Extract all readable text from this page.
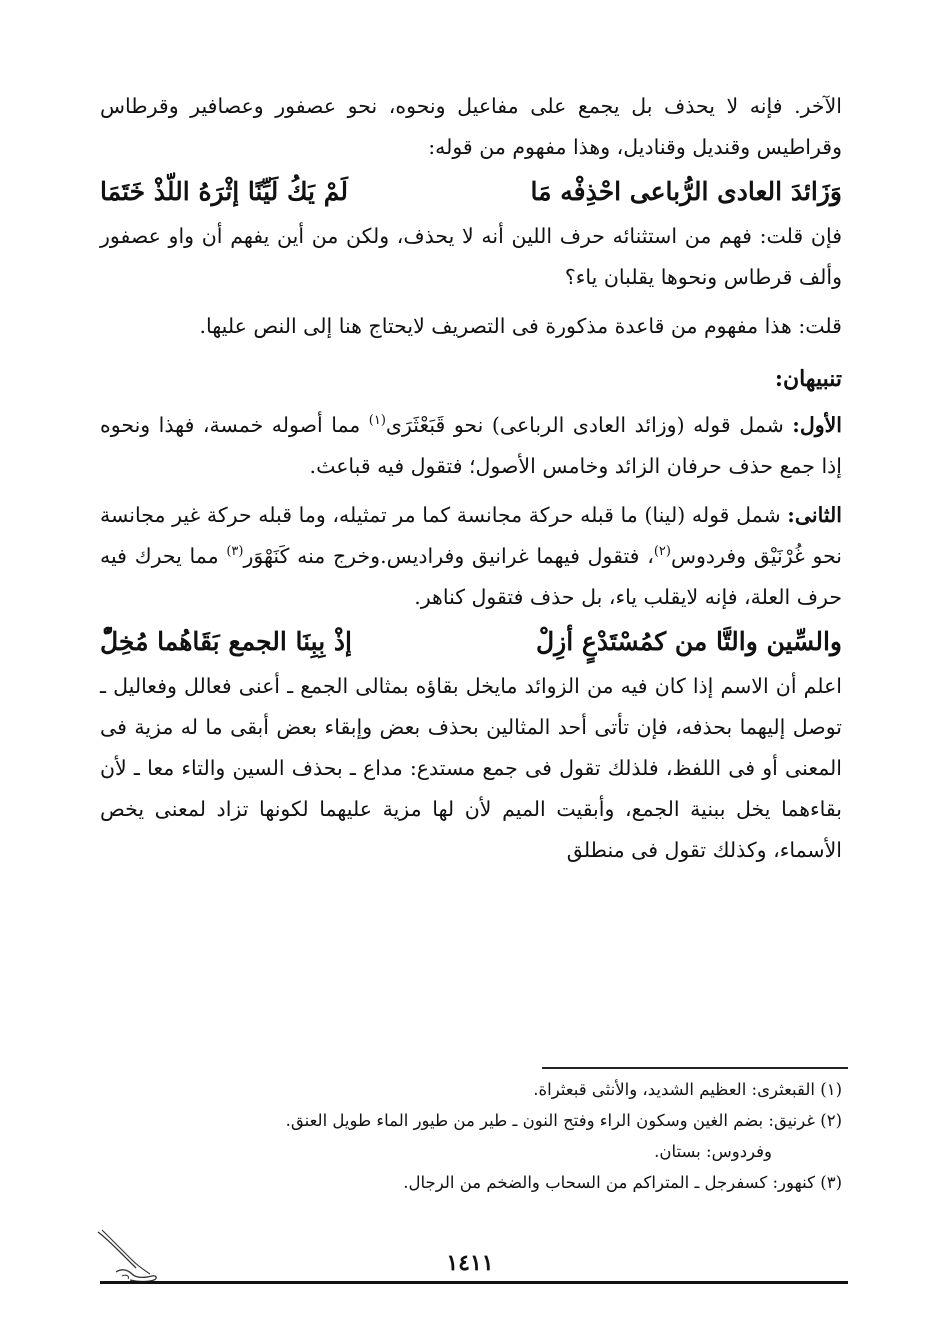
الآخر. فإنه لا يحذف بل يجمع على مفاعيل ونحوه، نحو عصفور وعصافير وقرطاس وقراطيس وقنديل وقناديل، وهذا مفهوم من قوله:

وَزَائدَ العادى الرُّباعى احْذِفْه مَا
لَمْ يَكُ لَيِّنًا إثْرَهُ اللّذْ خَتَمَا

فإن قلت: فهم من استثنائه حرف اللين أنه لا يحذف، ولكن من أين يفهم أن واو عصفور وألف قرطاس ونحوها يقلبان ياء؟

قلت: هذا مفهوم من قاعدة مذكورة فى التصريف لايحتاج هنا إلى النص عليها.

تنبيهان:

الأول: شمل قوله (وزائد العادى الرباعى) نحو قَبَعْثَرَى$^{(١)}$ مما أصوله خمسة، فهذا ونحوه إذا جمع حذف حرفان الزائد وخامس الأصول؛ فتقول فيه قباعث.

الثانى: شمل قوله (لينا) ما قبله حركة مجانسة كما مر تمثيله، وما قبله حركة غير مجانسة نحو غُرْنَيْق وفردوس$^{(٢)}$، فتقول فيهما غرانيق وفراديس.وخرج منه كَنَهْوَر$^{(٣)}$ مما يحرك فيه حرف العلة، فإنه لايقلب ياء، بل حذف فتقول كناهر.

والسِّين والتَّا من كمُسْتَدْعٍ أزِلْ
إذْ بِبِنَا الجمع بَقَاهُما مُخِلّْ

اعلم أن الاسم إذا كان فيه من الزوائد مايخل بقاؤه بمثالى الجمع ـ أعنى فعالل وفعاليل ـ توصل إليهما بحذفه، فإن تأتى أحد المثالين بحذف بعض وإبقاء بعض أبقى ما له مزية فى المعنى أو فى اللفظ، فلذلك تقول فى جمع مستدع: مداع ـ بحذف السين والتاء معا ـ لأن بقاءهما يخل ببنية الجمع، وأبقيت الميم لأن لها مزية عليهما لكونها تزاد لمعنى يخص الأسماء، وكذلك تقول فى منطلق

(١) القبعثرى: العظيم الشديد، والأنثى قبعثراة.

(٢) غرنيق: بضم الغين وسكون الراء وفتح النون ـ طير من طيور الماء طويل العنق.

وفردوس: بستان.

(٣) كنهور: كسفرجل ـ المتراكم من السحاب والضخم من الرجال.

١٤١١
